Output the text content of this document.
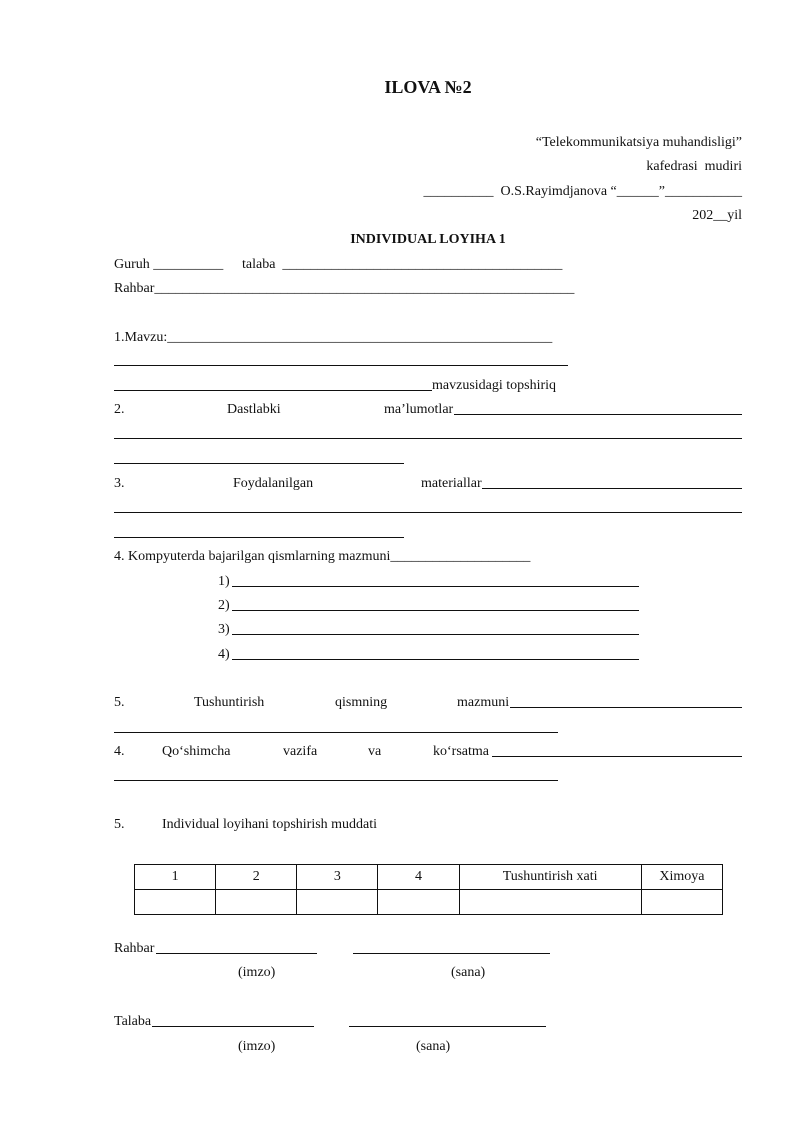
ILOVA №2
“Telekommunikatsiya muhandisligi”
kafedrasi  mudiri
__________  O.S.Rayimdjanova “______”___________
202__yil
INDIVIDUAL LOYIHA 1
Guruh __________ talaba  ________________________________________
Rahbar____________________________________________________________
1.Mavzu:_______________________________________________________
mavzusidagi topshiriq
2.	Dastlabki	ma’lumotlar
3.	Foydalanilgan	materiallar
4. Kompyuterda bajarilgan qismlarning mazmuni____________________
1)
2)
3)
4)
5.	Tushuntirish	qismning	mazmuni
4.	Qo‘shimcha	vazifa	va	ko‘rsatma
5.	Individual loyihani topshirish muddati
1	2	3	4	Tushuntirish xati	Ximoya

Rahbar
(imzo)	(sana)
Talaba
(imzo)	(sana)
